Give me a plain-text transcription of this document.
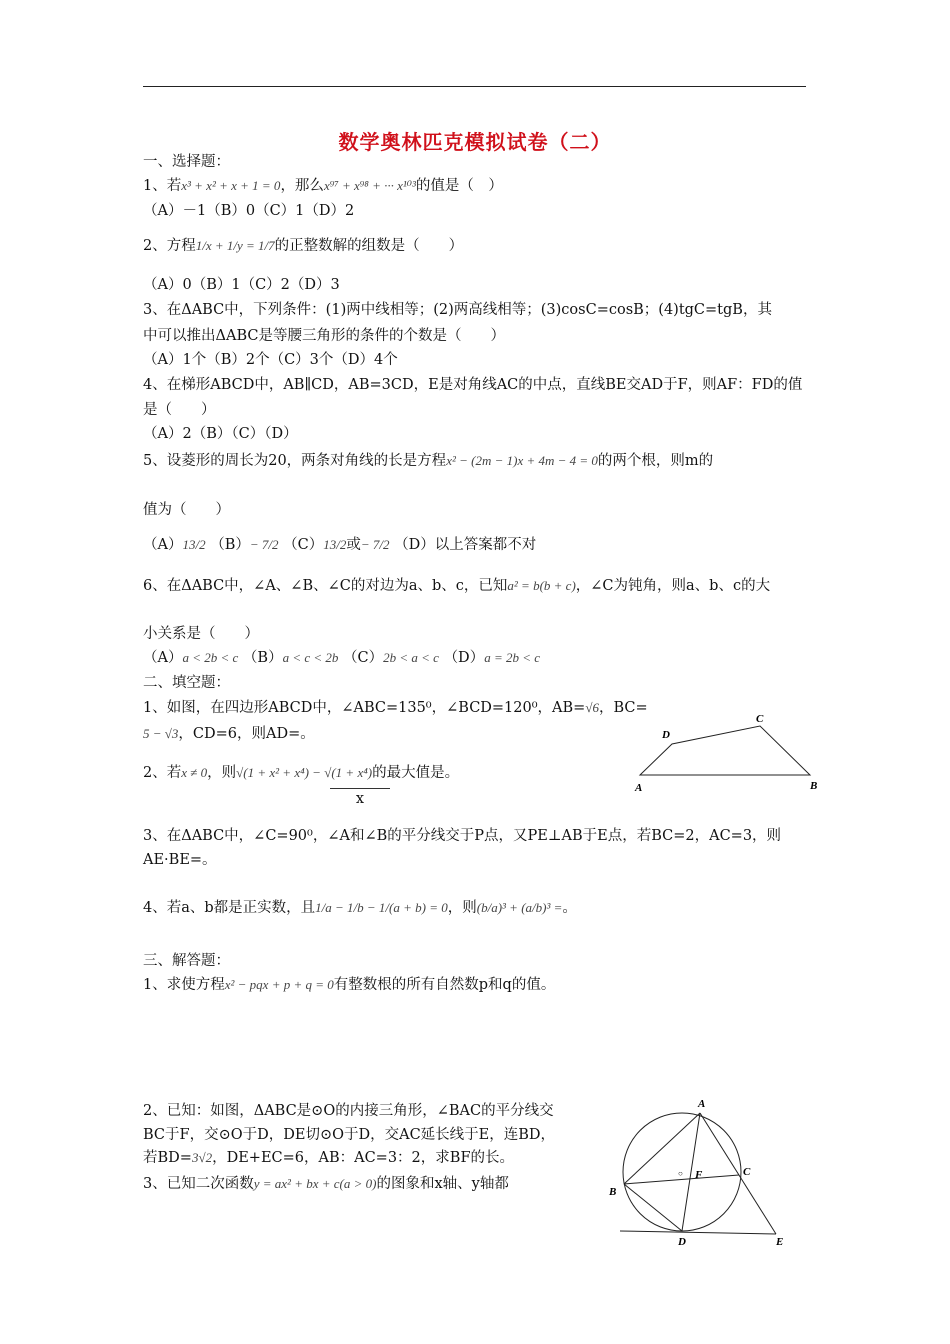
数学奥林匹克模拟试卷（二）
一、选择题：
1、若x³ + x² + x + 1 = 0，那么x⁹⁷ + x⁹⁸ + ··· x¹⁰³的值是（　）
（A）－1（B）0（C）1（D）2
2、方程1/x + 1/y = 1/7的正整数解的组数是（　　）
（A）0（B）1（C）2（D）3
3、在ΔABC中，下列条件：(1)两中线相等；(2)两高线相等；(3)cosC=cosB；(4)tgC=tgB，其
中可以推出ΔABC是等腰三角形的条件的个数是（　　）
（A）1个（B）2个（C）3个（D）4个
4、在梯形ABCD中，AB∥CD，AB=3CD，E是对角线AC的中点，直线BE交AD于F，则AF：FD的值
是（　　）
（A）2（B）（C）（D）
5、设菱形的周长为20，两条对角线的长是方程x² − (2m − 1)x + 4m − 4 = 0的两个根，则m的
值为（　　）
（A）13/2 （B）− 7/2 （C）13/2或− 7/2 （D）以上答案都不对
6、在ΔABC中，∠A、∠B、∠C的对边为a、b、c，已知a² = b(b + c)，∠C为钝角，则a、b、c的大
小关系是（　　）
（A）a < 2b < c （B）a < c < 2b （C）2b < a < c （D）a = 2b < c
二、填空题：
1、如图，在四边形ABCD中，∠ABC=135⁰，∠BCD=120⁰，AB=√6，BC=
5 − √3，CD=6，则AD=。
2、若x ≠ 0，则√(1 + x² + x⁴) − √(1 + x⁴)的最大值是。
x
3、在ΔABC中，∠C=90⁰，∠A和∠B的平分线交于P点，又PE⊥AB于E点，若BC=2，AC=3，则
AE·BE=。
4、若a、b都是正实数，且1/a − 1/b − 1/(a + b) = 0，则(b/a)³ + (a/b)³ =。
三、解答题：
1、求使方程x² − pqx + p + q = 0有整数根的所有自然数p和q的值。
2、已知：如图，ΔABC是⊙O的内接三角形，∠BAC的平分线交
BC于F，交⊙O于D，DE切⊙O于D，交AC延长线于E，连BD，
若BD=3√2，DE+EC=6，AB：AC=3：2，求BF的长。
3、已知二次函数y = ax² + bx + c(a > 0)的图象和x轴、y轴都
A	B
C
D
A
B
C
D	E
F
○
